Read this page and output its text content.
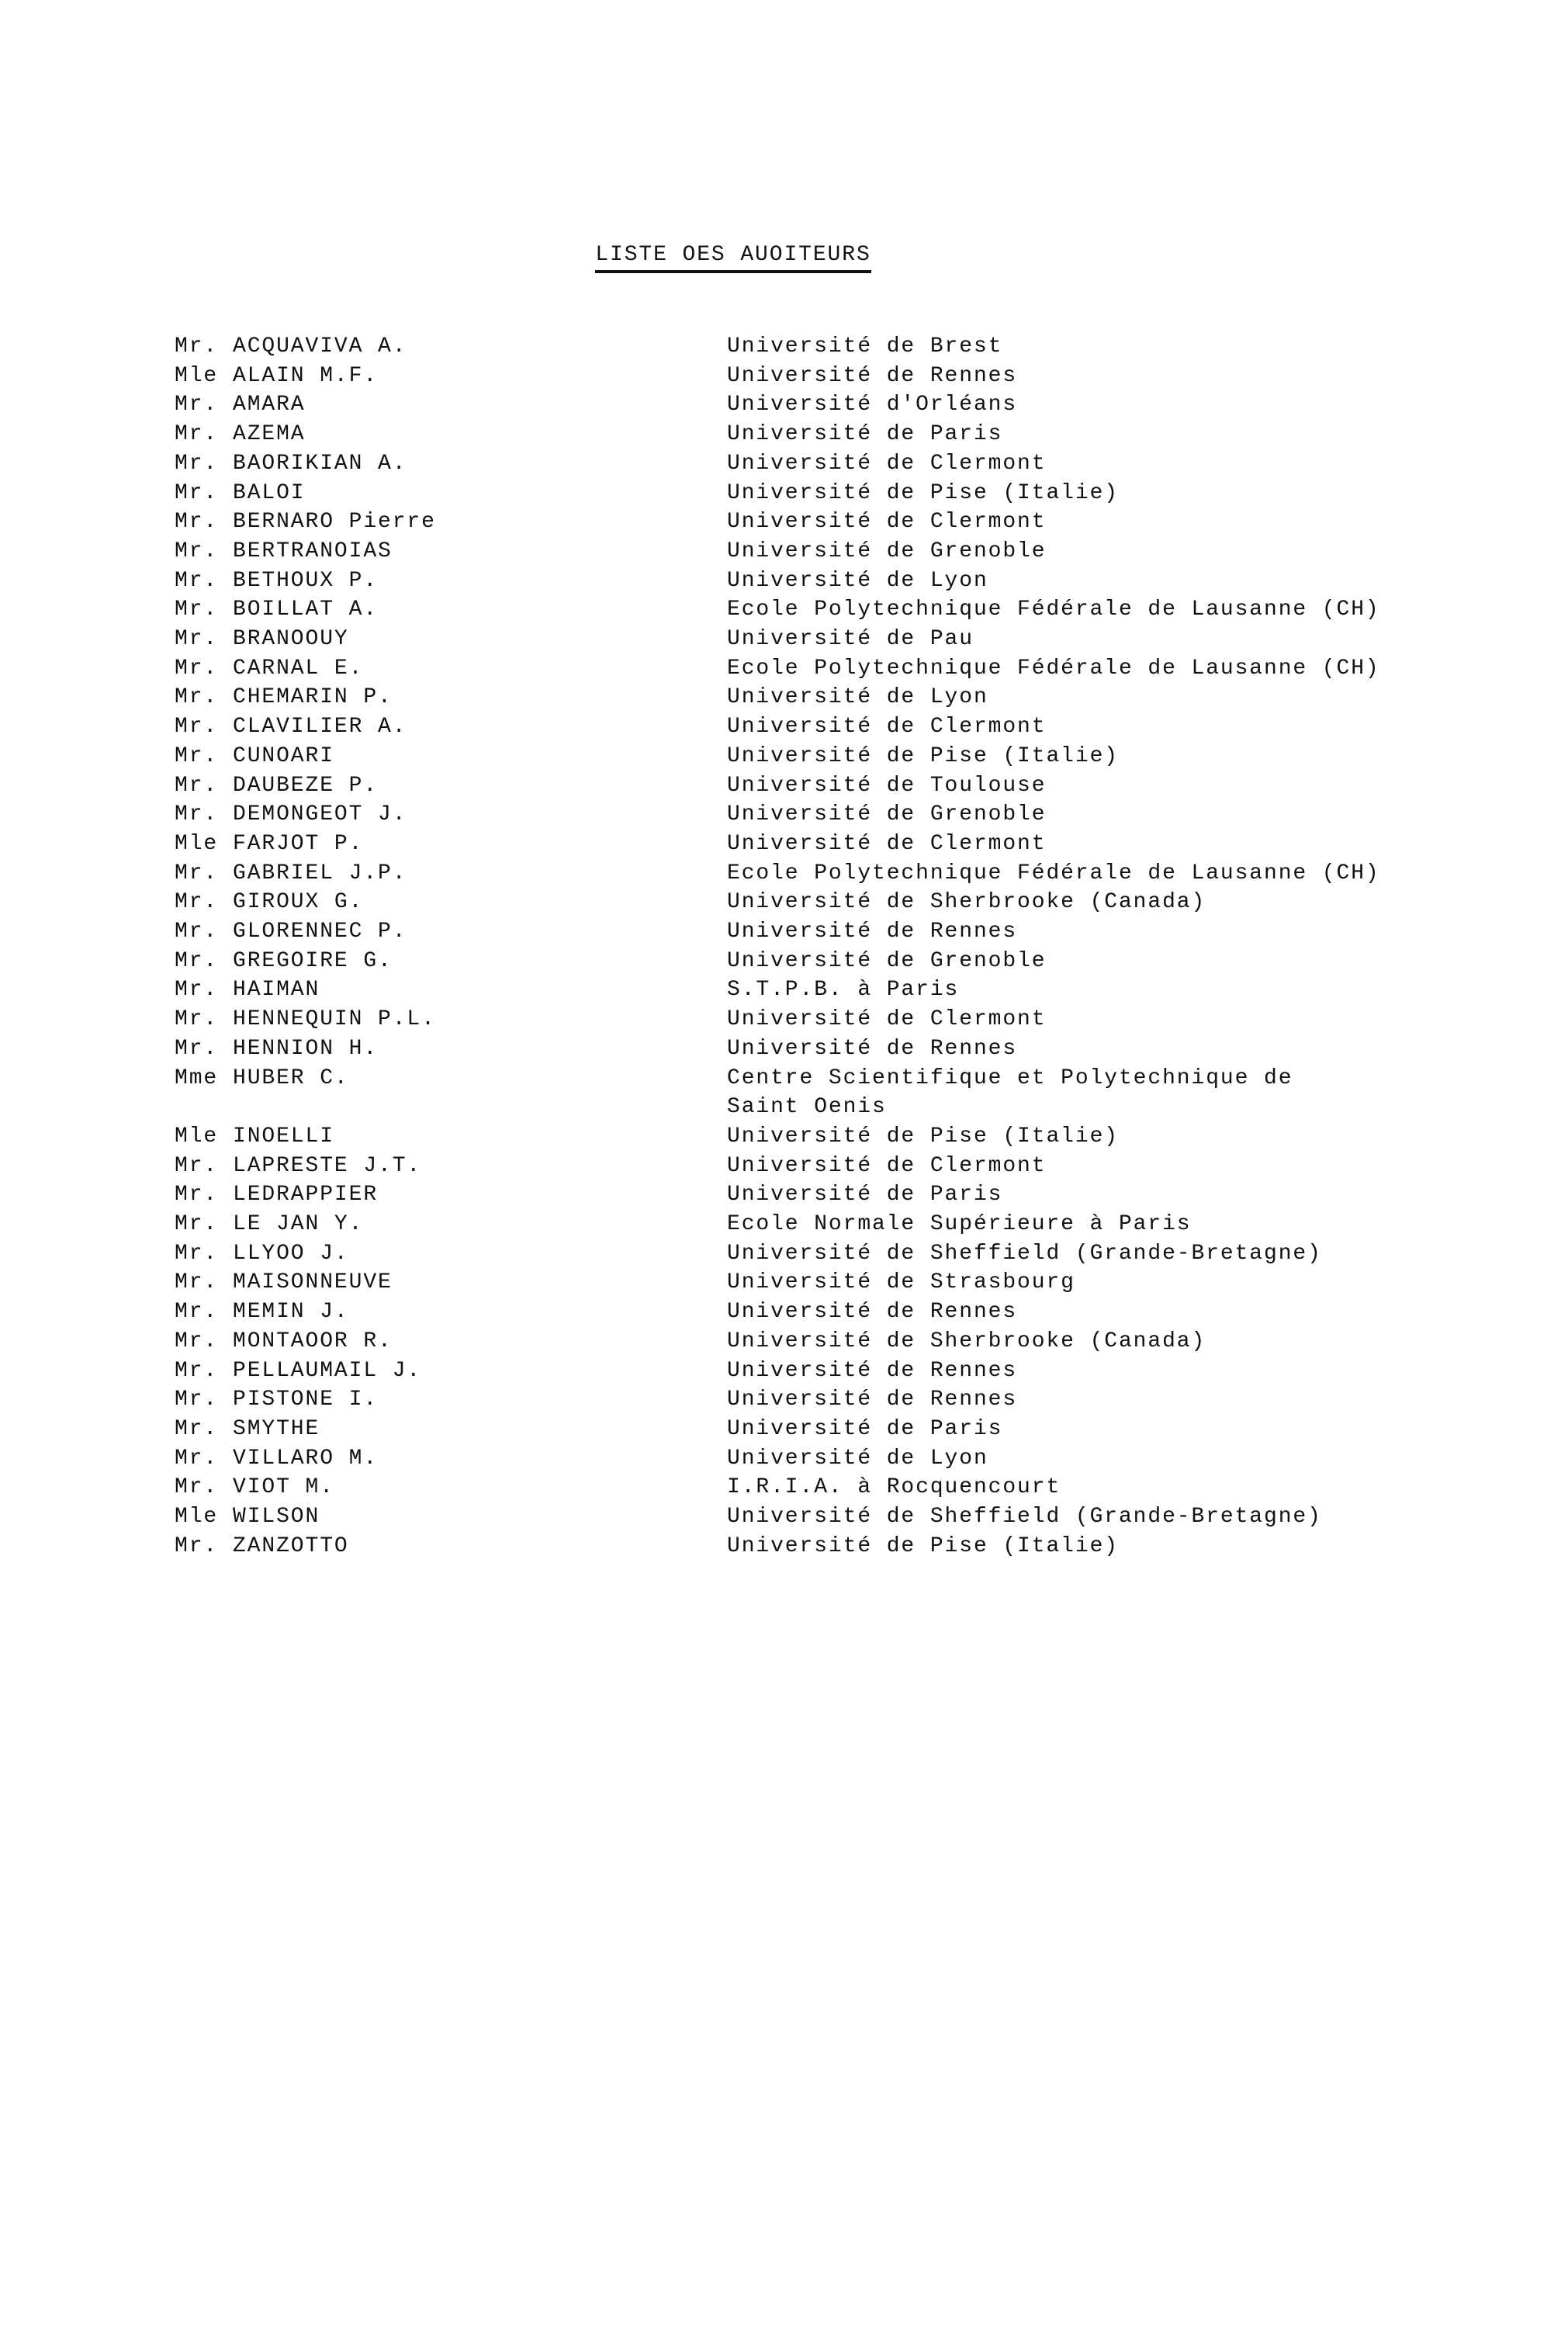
LISTE OES AUOITEURS
Mr. ACQUAVIVA A.	Université de Brest
Mle ALAIN M.F.	Université de Rennes
Mr. AMARA	Université d'Orléans
Mr. AZEMA	Université de Paris
Mr. BAORIKIAN A.	Université de Clermont
Mr. BALOI	Université de Pise (Italie)
Mr. BERNARO Pierre	Université de Clermont
Mr. BERTRANOIAS	Université de Grenoble
Mr. BETHOUX P.	Université de Lyon
Mr. BOILLAT A.	Ecole Polytechnique Fédérale de Lausanne (CH)
Mr. BRANOOUY	Université de Pau
Mr. CARNAL E.	Ecole Polytechnique Fédérale de Lausanne (CH)
Mr. CHEMARIN P.	Université de Lyon
Mr. CLAVILIER A.	Université de Clermont
Mr. CUNOARI	Université de Pise (Italie)
Mr. DAUBEZE P.	Université de Toulouse
Mr. DEMONGEOT J.	Université de Grenoble
Mle FARJOT P.	Université de Clermont
Mr. GABRIEL J.P.	Ecole Polytechnique Fédérale de Lausanne (CH)
Mr. GIROUX G.	Université de Sherbrooke (Canada)
Mr. GLORENNEC P.	Université de Rennes
Mr. GREGOIRE G.	Université de Grenoble
Mr. HAIMAN	S.T.P.B. à Paris
Mr. HENNEQUIN P.L.	Université de Clermont
Mr. HENNION H.	Université de Rennes
Mme HUBER C.	Centre Scientifique et Polytechnique de
Saint Oenis
Mle INOELLI	Université de Pise (Italie)
Mr. LAPRESTE J.T.	Université de Clermont
Mr. LEDRAPPIER	Université de Paris
Mr. LE JAN Y.	Ecole Normale Supérieure à Paris
Mr. LLYOO J.	Université de Sheffield (Grande-Bretagne)
Mr. MAISONNEUVE	Université de Strasbourg
Mr. MEMIN J.	Université de Rennes
Mr. MONTAOOR R.	Université de Sherbrooke (Canada)
Mr. PELLAUMAIL J.	Université de Rennes
Mr. PISTONE I.	Université de Rennes
Mr. SMYTHE	Université de Paris
Mr. VILLARO M.	Université de Lyon
Mr. VIOT M.	I.R.I.A. à Rocquencourt
Mle WILSON	Université de Sheffield (Grande-Bretagne)
Mr. ZANZOTTO	Université de Pise (Italie)
